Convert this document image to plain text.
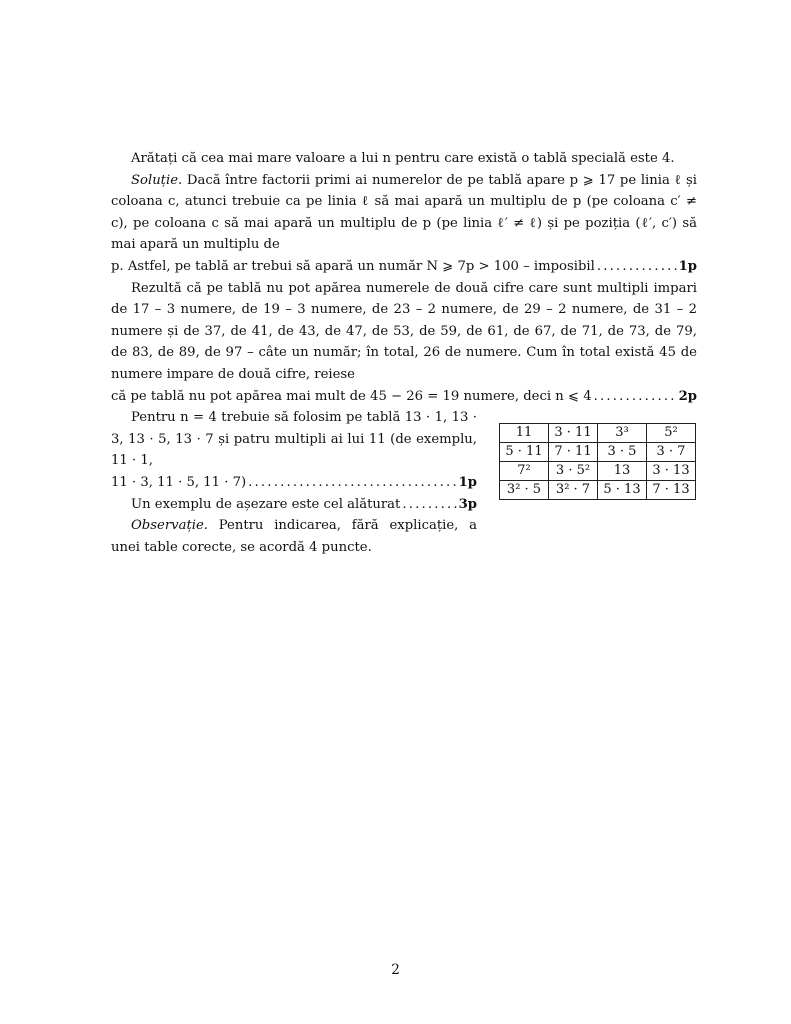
Arătați că cea mai mare valoare a lui n pentru care există o tablă specială este 4.

Soluție. Dacă între factorii primi ai numerelor de pe tablă apare p ⩾ 17 pe linia ℓ și coloana c, atunci trebuie ca pe linia ℓ să mai apară un multiplu de p (pe coloana c′ ≠ c), pe coloana c să mai apară un multiplu de p (pe linia ℓ′ ≠ ℓ) și pe poziția (ℓ′, c′) să mai apară un multiplu de

p. Astfel, pe tablă ar trebui să apară un număr N ⩾ 7p > 100 – imposibil . . .	1p

Rezultă că pe tablă nu pot apărea numerele de două cifre care sunt multipli impari de 17 – 3 numere, de 19 – 3 numere, de 23 – 2 numere, de 29 – 2 numere, de 31 – 2 numere și de 37, de 41, de 43, de 47, de 53, de 59, de 61, de 67, de 71, de 73, de 79, de 83, de 89, de 97 – câte un număr; în total, 26 de numere. Cum în total există 45 de numere impare de două cifre, reiese

că pe tablă nu pot apărea mai mult de 45 − 26 = 19 numere, deci n ⩽ 4 . . .	2p

Pentru n = 4 trebuie să folosim pe tablă 13 · 1, 13 · 3, 13 · 5, 13 · 7 și patru multipli ai lui 11 (de exemplu, 11 · 1,

11 · 3, 11 · 5, 11 · 7) . . .	1p
Un exemplu de așezare este cel alăturat . . .	3p

Observație. Pentru indicarea, fără explicație, a unei table corecte, se acordă 4 puncte.

11	3 · 11	3³	5²
5 · 11	7 · 11	3 · 5	3 · 7
7²	3 · 5²	13	3 · 13
3² · 5	3² · 7	5 · 13	7 · 13
2
